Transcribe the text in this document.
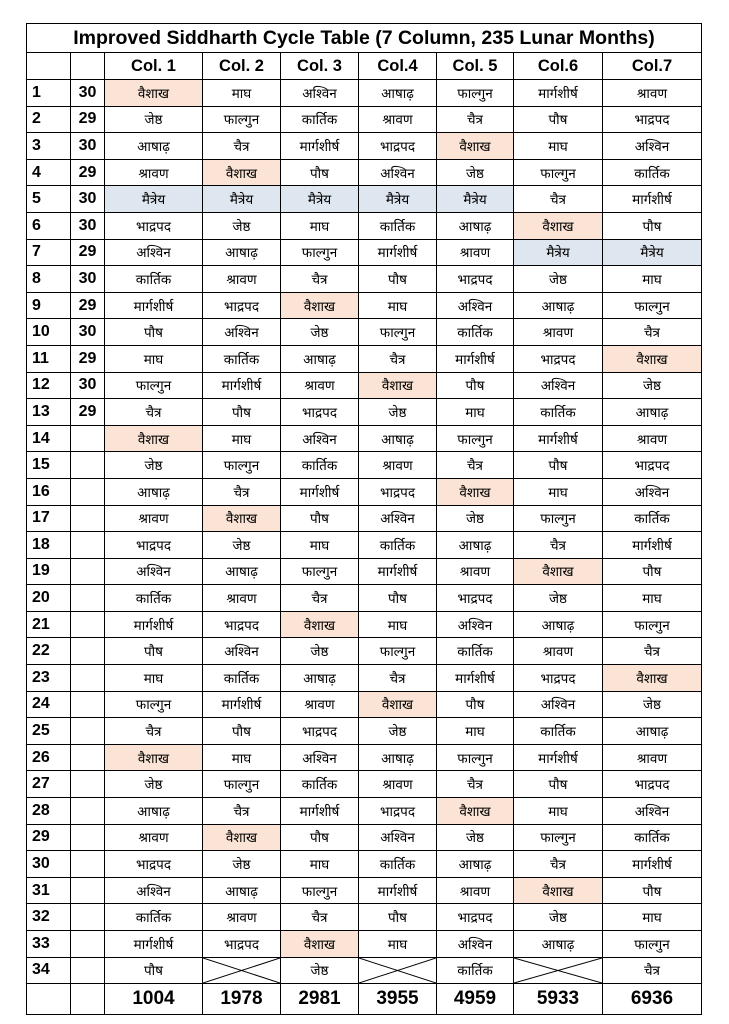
Improved Siddharth Cycle Table (7 Column, 235 Lunar Months)								
		Col. 1	Col. 2	Col. 3	Col.4	Col. 5	Col.6	Col.7
1	30	वैशाख	माघ	अश्विन	आषाढ़	फाल्गुन	मार्गशीर्ष	श्रावण
2	29	जेष्ठ	फाल्गुन	कार्तिक	श्रावण	चैत्र	पौष	भाद्रपद
3	30	आषाढ़	चैत्र	मार्गशीर्ष	भाद्रपद	वैशाख	माघ	अश्विन
4	29	श्रावण	वैशाख	पौष	अश्विन	जेष्ठ	फाल्गुन	कार्तिक
5	30	मैत्रेय	मैत्रेय	मैत्रेय	मैत्रेय	मैत्रेय	चैत्र	मार्गशीर्ष
6	30	भाद्रपद	जेष्ठ	माघ	कार्तिक	आषाढ़	वैशाख	पौष
7	29	अश्विन	आषाढ़	फाल्गुन	मार्गशीर्ष	श्रावण	मैत्रेय	मैत्रेय
8	30	कार्तिक	श्रावण	चैत्र	पौष	भाद्रपद	जेष्ठ	माघ
9	29	मार्गशीर्ष	भाद्रपद	वैशाख	माघ	अश्विन	आषाढ़	फाल्गुन
10	30	पौष	अश्विन	जेष्ठ	फाल्गुन	कार्तिक	श्रावण	चैत्र
11	29	माघ	कार्तिक	आषाढ़	चैत्र	मार्गशीर्ष	भाद्रपद	वैशाख
12	30	फाल्गुन	मार्गशीर्ष	श्रावण	वैशाख	पौष	अश्विन	जेष्ठ
13	29	चैत्र	पौष	भाद्रपद	जेष्ठ	माघ	कार्तिक	आषाढ़
14		वैशाख	माघ	अश्विन	आषाढ़	फाल्गुन	मार्गशीर्ष	श्रावण
15		जेष्ठ	फाल्गुन	कार्तिक	श्रावण	चैत्र	पौष	भाद्रपद
16		आषाढ़	चैत्र	मार्गशीर्ष	भाद्रपद	वैशाख	माघ	अश्विन
17		श्रावण	वैशाख	पौष	अश्विन	जेष्ठ	फाल्गुन	कार्तिक
18		भाद्रपद	जेष्ठ	माघ	कार्तिक	आषाढ़	चैत्र	मार्गशीर्ष
19		अश्विन	आषाढ़	फाल्गुन	मार्गशीर्ष	श्रावण	वैशाख	पौष
20		कार्तिक	श्रावण	चैत्र	पौष	भाद्रपद	जेष्ठ	माघ
21		मार्गशीर्ष	भाद्रपद	वैशाख	माघ	अश्विन	आषाढ़	फाल्गुन
22		पौष	अश्विन	जेष्ठ	फाल्गुन	कार्तिक	श्रावण	चैत्र
23		माघ	कार्तिक	आषाढ़	चैत्र	मार्गशीर्ष	भाद्रपद	वैशाख
24		फाल्गुन	मार्गशीर्ष	श्रावण	वैशाख	पौष	अश्विन	जेष्ठ
25		चैत्र	पौष	भाद्रपद	जेष्ठ	माघ	कार्तिक	आषाढ़
26		वैशाख	माघ	अश्विन	आषाढ़	फाल्गुन	मार्गशीर्ष	श्रावण
27		जेष्ठ	फाल्गुन	कार्तिक	श्रावण	चैत्र	पौष	भाद्रपद
28		आषाढ़	चैत्र	मार्गशीर्ष	भाद्रपद	वैशाख	माघ	अश्विन
29		श्रावण	वैशाख	पौष	अश्विन	जेष्ठ	फाल्गुन	कार्तिक
30		भाद्रपद	जेष्ठ	माघ	कार्तिक	आषाढ़	चैत्र	मार्गशीर्ष
31		अश्विन	आषाढ़	फाल्गुन	मार्गशीर्ष	श्रावण	वैशाख	पौष
32		कार्तिक	श्रावण	चैत्र	पौष	भाद्रपद	जेष्ठ	माघ
33		मार्गशीर्ष	भाद्रपद	वैशाख	माघ	अश्विन	आषाढ़	फाल्गुन
34		पौष		जेष्ठ		कार्तिक		चैत्र
		1004	1978	2981	3955	4959	5933	6936
